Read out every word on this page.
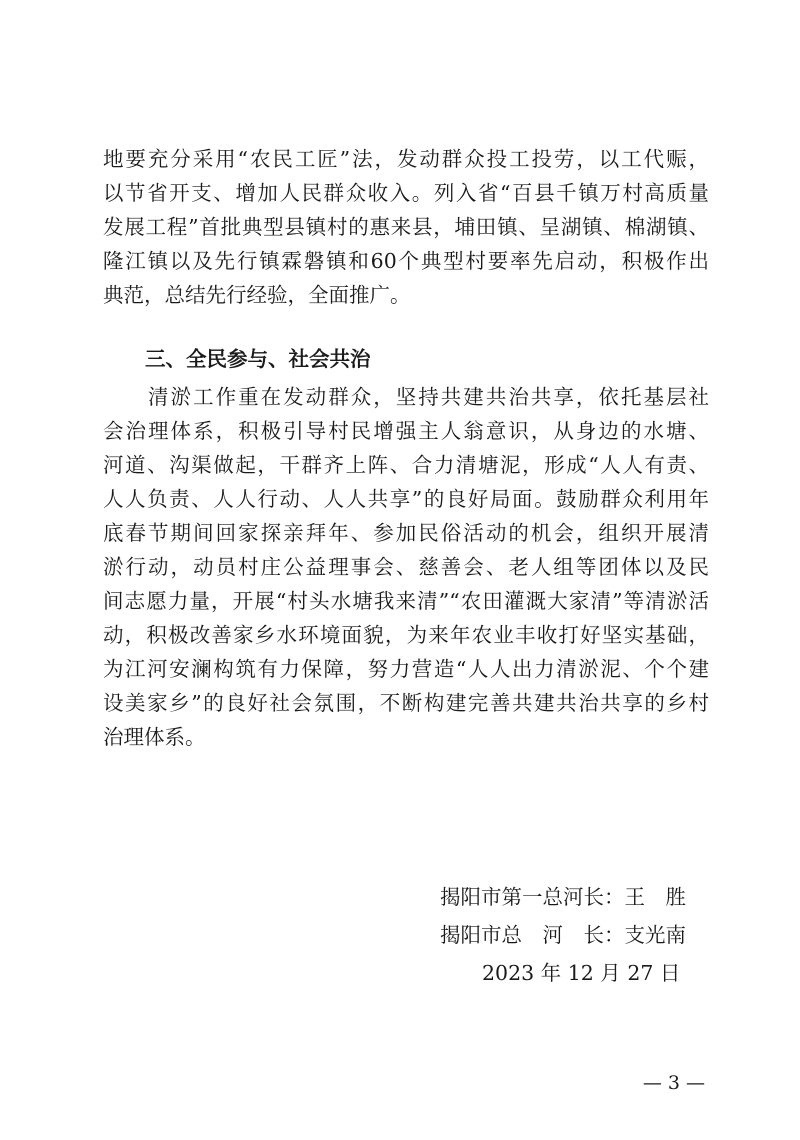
地要充分采用“农民工匠”法，发动群众投工投劳，以工代赈，
以节省开支、增加人民群众收入。列入省“百县千镇万村高质量
发展工程”首批典型县镇村的惠来县，埔田镇、呈湖镇、棉湖镇、
隆江镇以及先行镇霖磐镇和60个典型村要率先启动，积极作出
典范，总结先行经验，全面推广。
三、全民参与、社会共治
　　清淤工作重在发动群众，坚持共建共治共享，依托基层社
会治理体系，积极引导村民增强主人翁意识，从身边的水塘、
河道、沟渠做起，干群齐上阵、合力清塘泥，形成“人人有责、
人人负责、人人行动、人人共享”的良好局面。鼓励群众利用年
底春节期间回家探亲拜年、参加民俗活动的机会，组织开展清
淤行动，动员村庄公益理事会、慈善会、老人组等团体以及民
间志愿力量，开展“村头水塘我来清”“农田灌溉大家清”等清淤活
动，积极改善家乡水环境面貌，为来年农业丰收打好坚实基础，
为江河安澜构筑有力保障，努力营造“人人出力清淤泥、个个建
设美家乡”的良好社会氛围，不断构建完善共建共治共享的乡村
治理体系。
揭阳市第一总河长：王　胜
揭阳市总　河　长：支光南
2023 年 12 月 27 日
— 3 —
